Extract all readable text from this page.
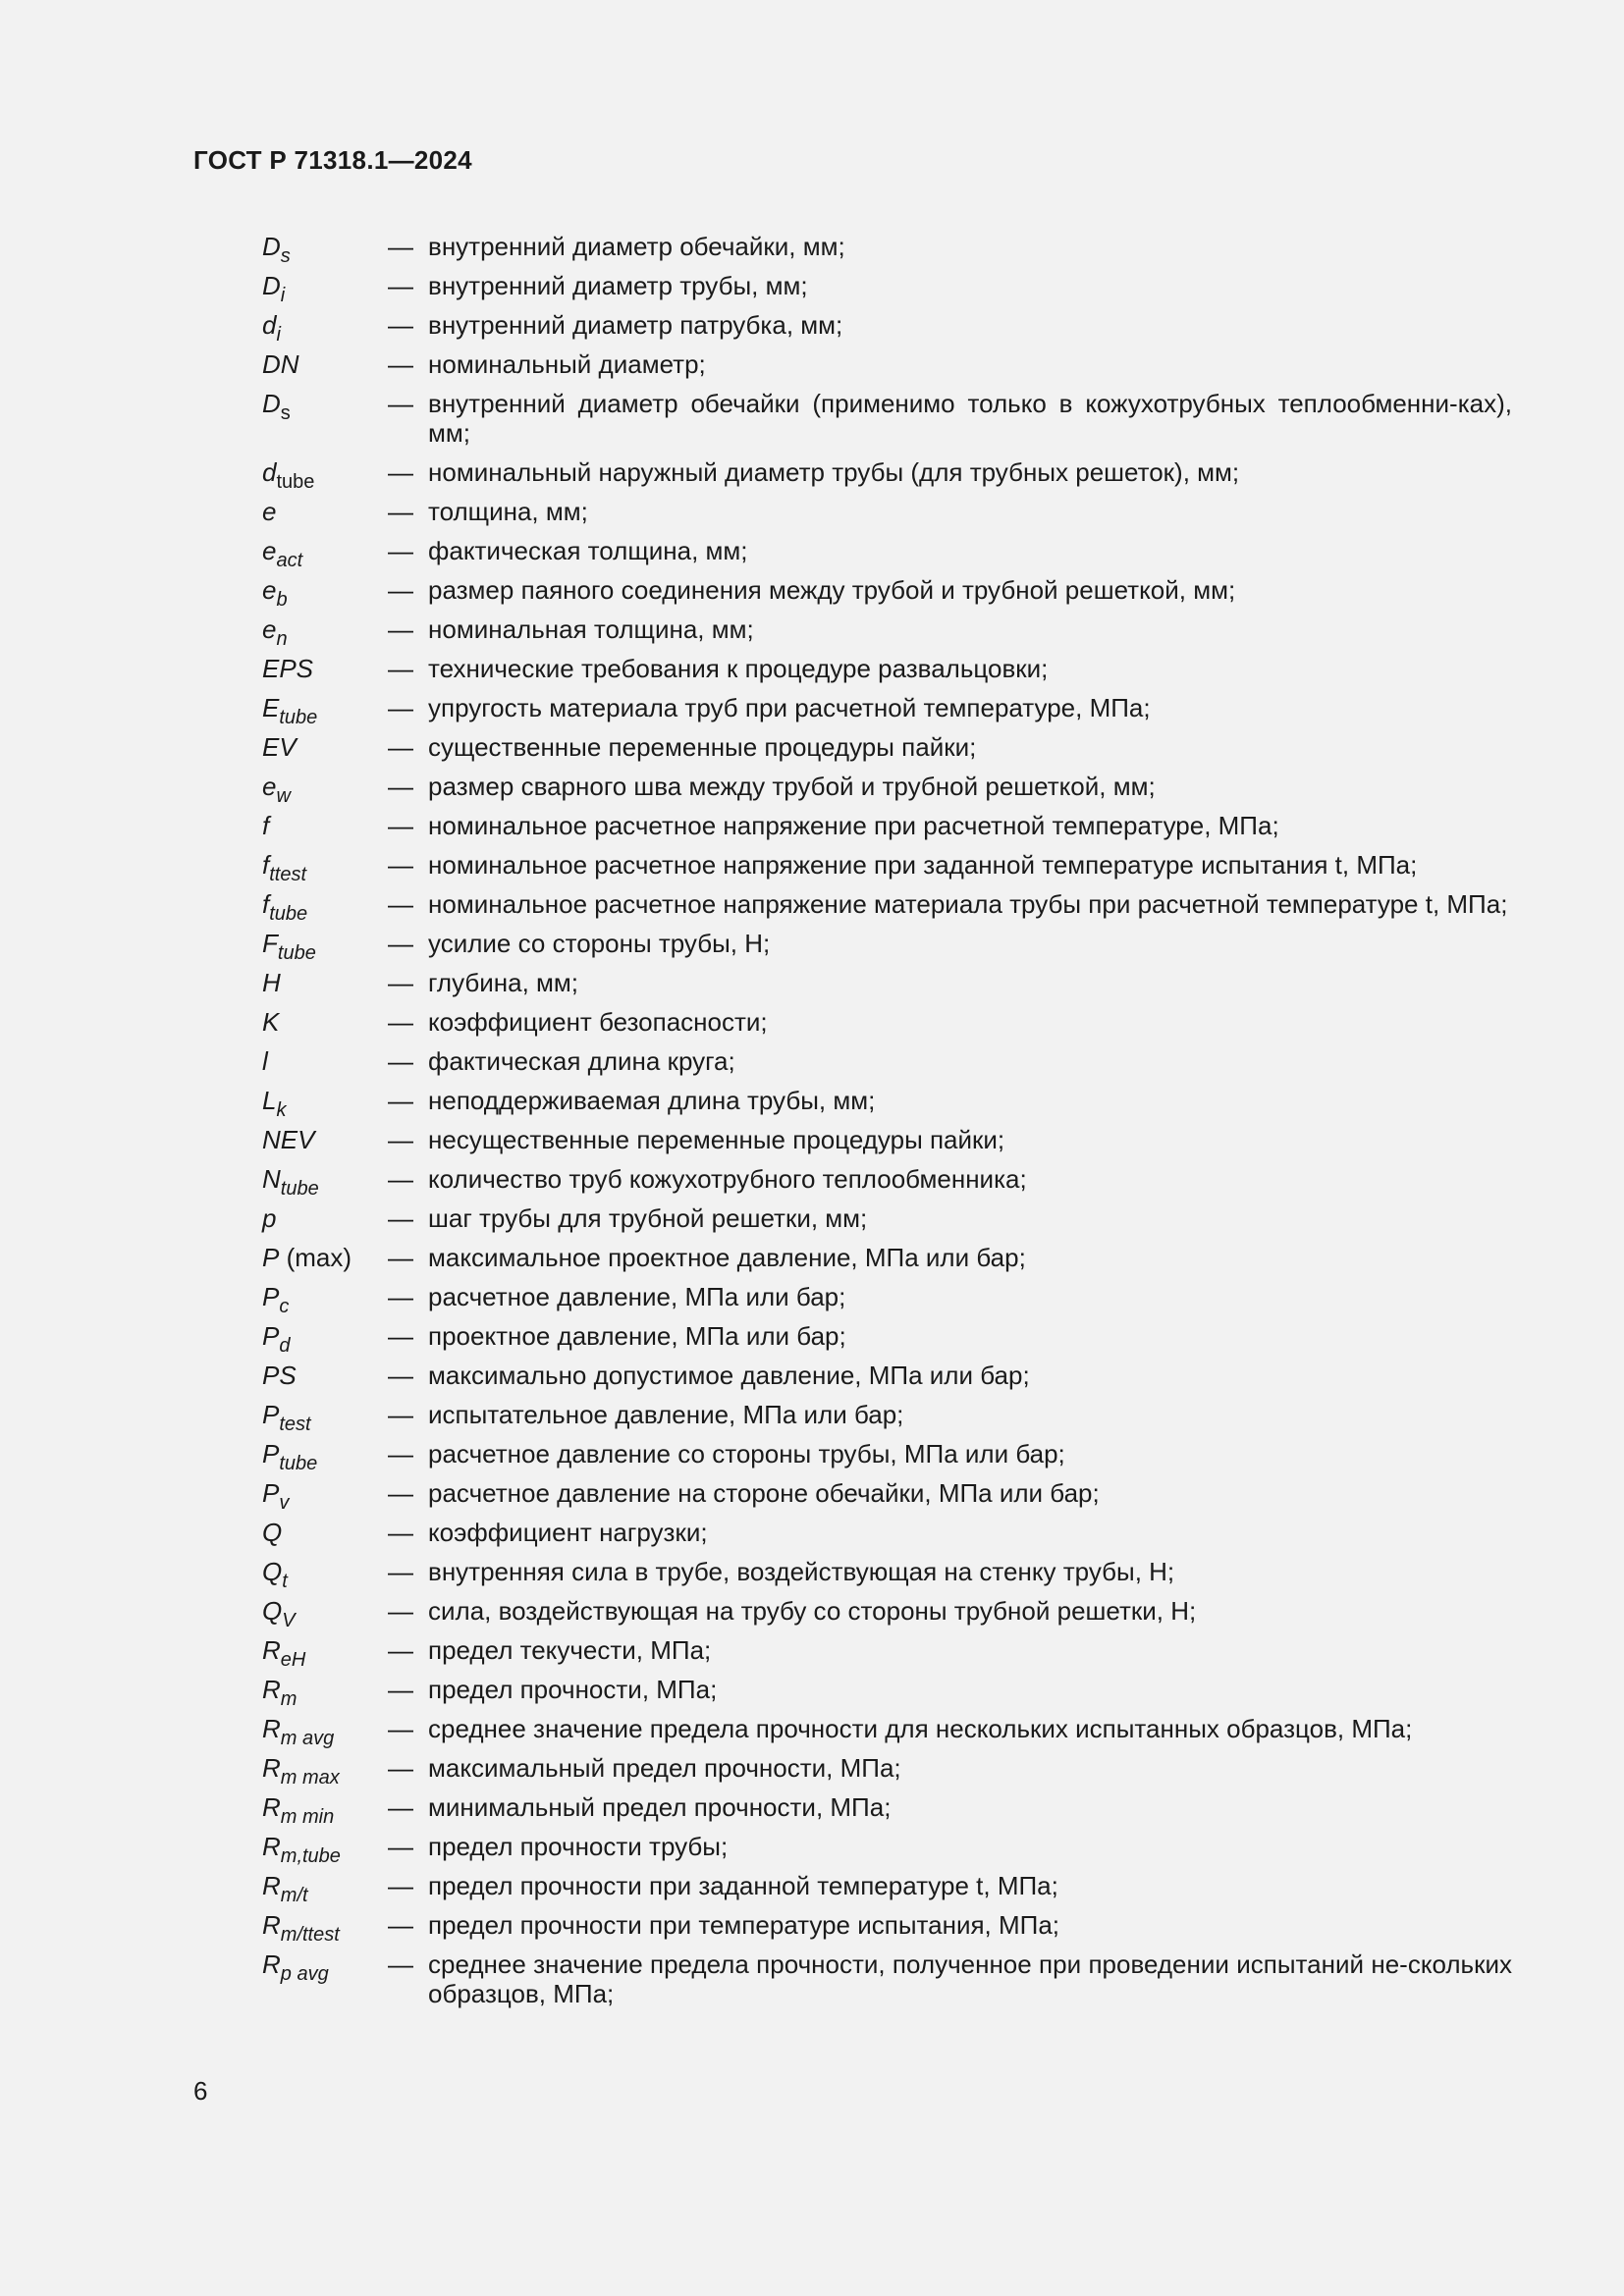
ГОСТ Р 71318.1—2024
$D_s$	— внутренний диаметр обечайки, мм;
$D_i$	— внутренний диаметр трубы, мм;
$d_i$	— внутренний диаметр патрубка, мм;
DN	— номинальный диаметр;
$D_s$	— внутренний диаметр обечайки (применимо только в кожухотрубных теплообменни-ках), мм;
$d_{tube}$	— номинальный наружный диаметр трубы (для трубных решеток), мм;
e	— толщина, мм;
$e_{act}$	— фактическая толщина, мм;
$e_b$	— размер паяного соединения между трубой и трубной решеткой, мм;
$e_n$	— номинальная толщина, мм;
EPS	— технические требования к процедуре развальцовки;
$E_{tube}$	— упругость материала труб при расчетной температуре, МПа;
EV	— существенные переменные процедуры пайки;
$e_w$	— размер сварного шва между трубой и трубной решеткой, мм;
f	— номинальное расчетное напряжение при расчетной температуре, МПа;
$f_{ttest}$	— номинальное расчетное напряжение при заданной температуре испытания t, МПа;
$f_{tube}$	— номинальное расчетное напряжение материала трубы при расчетной температуре t, МПа;
$F_{tube}$	— усилие со стороны трубы, Н;
H	— глубина, мм;
K	— коэффициент безопасности;
l	— фактическая длина круга;
$L_k$	— неподдерживаемая длина трубы, мм;
NEV	— несущественные переменные процедуры пайки;
$N_{tube}$	— количество труб кожухотрубного теплообменника;
p	— шаг трубы для трубной решетки, мм;
P (max)	— максимальное проектное давление, МПа или бар;
$P_c$	— расчетное давление, МПа или бар;
$P_d$	— проектное давление, МПа или бар;
PS	— максимально допустимое давление, МПа или бар;
$P_{test}$	— испытательное давление, МПа или бар;
$P_{tube}$	— расчетное давление со стороны трубы, МПа или бар;
$P_v$	— расчетное давление на стороне обечайки, МПа или бар;
Q	— коэффициент нагрузки;
$Q_t$	— внутренняя сила в трубе, воздействующая на стенку трубы, Н;
$Q_V$	— сила, воздействующая на трубу со стороны трубной решетки, Н;
$R_{eH}$	— предел текучести, МПа;
$R_m$	— предел прочности, МПа;
$R_{m avg}$	— среднее значение предела прочности для нескольких испытанных образцов, МПа;
$R_{m max}$	— максимальный предел прочности, МПа;
$R_{m min}$	— минимальный предел прочности, МПа;
$R_{m,tube}$	— предел прочности трубы;
$R_{m/t}$	— предел прочности при заданной температуре t, МПа;
$R_{m/ttest}$	— предел прочности при температуре испытания, МПа;
$R_{p avg}$	— среднее значение предела прочности, полученное при проведении испытаний не-скольких образцов, МПа;
6
